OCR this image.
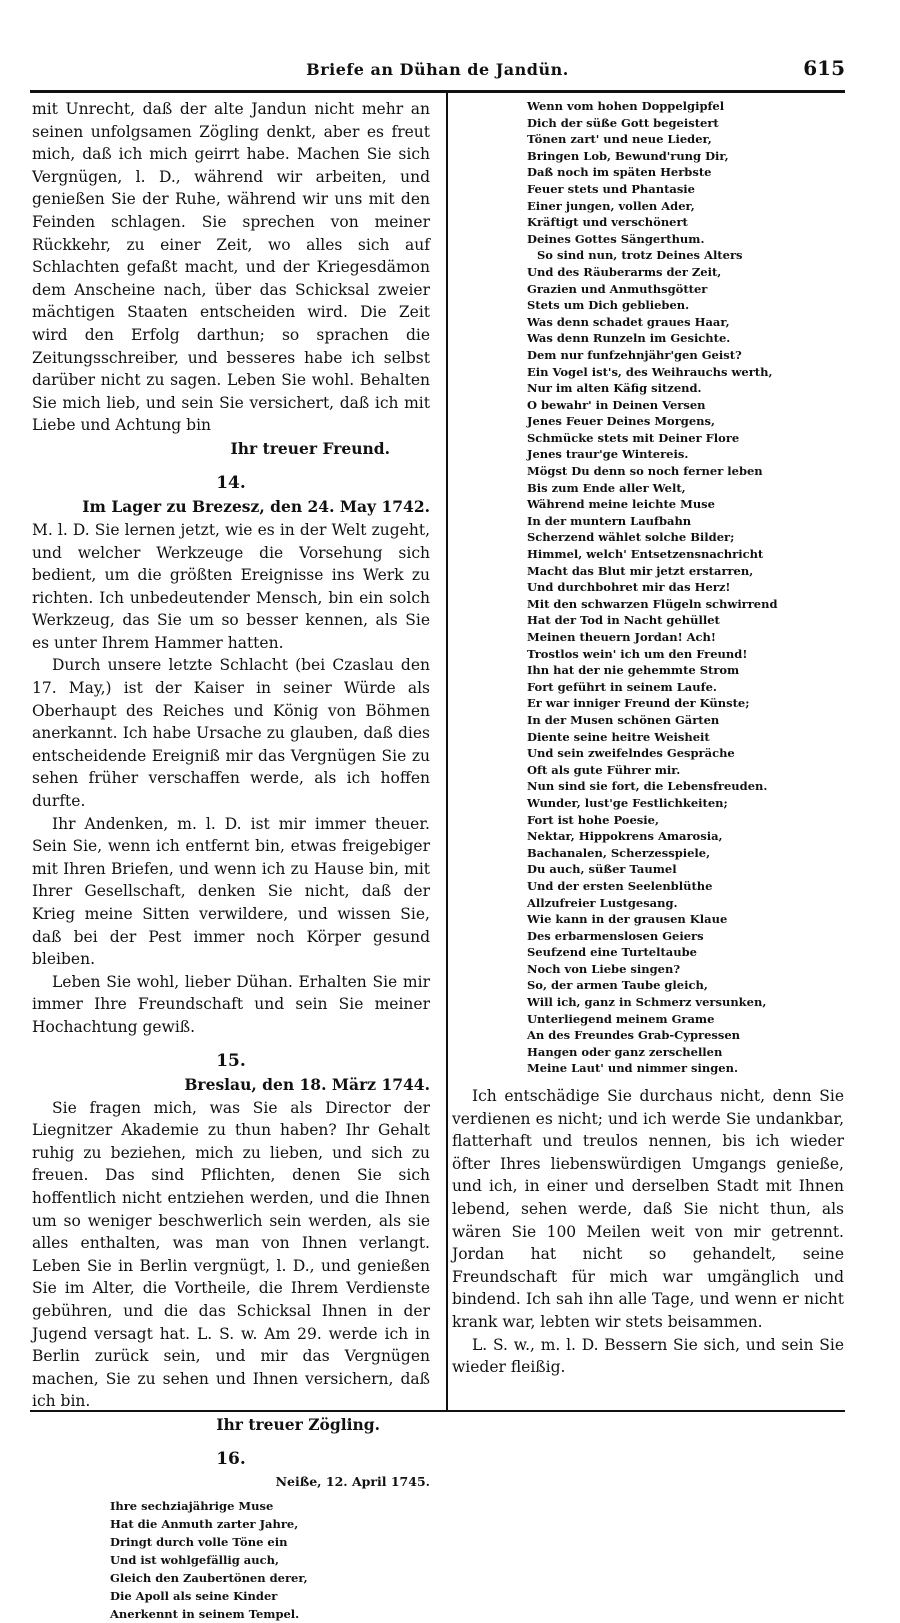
Briefe an Dühan de Jandün.	615

mit Unrecht, daß der alte Jandun nicht mehr an seinen unfolgsamen Zögling denkt, aber es freut mich, daß ich mich geirrt habe. Machen Sie sich Vergnügen, l. D., während wir arbeiten, und genießen Sie der Ruhe, während wir uns mit den Feinden schlagen. Sie sprechen von meiner Rückkehr, zu einer Zeit, wo alles sich auf Schlachten gefaßt macht, und der Kriegesdämon dem Anscheine nach, über das Schicksal zweier mächtigen Staaten entscheiden wird. Die Zeit wird den Erfolg darthun; so sprachen die Zeitungsschreiber, und besseres habe ich selbst darüber nicht zu sagen. Leben Sie wohl. Behalten Sie mich lieb, und sein Sie versichert, daß ich mit Liebe und Achtung bin

Ihr treuer Freund.
14.
Im Lager zu Brezesz, den 24. May 1742.

M. l. D. Sie lernen jetzt, wie es in der Welt zugeht, und welcher Werkzeuge die Vorsehung sich bedient, um die größten Ereignisse ins Werk zu richten. Ich unbedeutender Mensch, bin ein solch Werkzeug, das Sie um so besser kennen, als Sie es unter Ihrem Hammer hatten.

Durch unsere letzte Schlacht (bei Czaslau den 17. May,) ist der Kaiser in seiner Würde als Oberhaupt des Reiches und König von Böhmen anerkannt. Ich habe Ursache zu glauben, daß dies entscheidende Ereigniß mir das Vergnügen Sie zu sehen früher verschaffen werde, als ich hoffen durfte.

Ihr Andenken, m. l. D. ist mir immer theuer. Sein Sie, wenn ich entfernt bin, etwas freigebiger mit Ihren Briefen, und wenn ich zu Hause bin, mit Ihrer Gesellschaft, denken Sie nicht, daß der Krieg meine Sitten verwildere, und wissen Sie, daß bei der Pest immer noch Körper gesund bleiben.

Leben Sie wohl, lieber Dühan. Erhalten Sie mir immer Ihre Freundschaft und sein Sie meiner Hochachtung gewiß.

15.
Breslau, den 18. März 1744.

Sie fragen mich, was Sie als Director der Liegnitzer Akademie zu thun haben? Ihr Gehalt ruhig zu beziehen, mich zu lieben, und sich zu freuen. Das sind Pflichten, denen Sie sich hoffentlich nicht entziehen werden, und die Ihnen um so weniger beschwerlich sein werden, als sie alles enthalten, was man von Ihnen verlangt. Leben Sie in Berlin vergnügt, l. D., und genießen Sie im Alter, die Vortheile, die Ihrem Verdienste gebühren, und die das Schicksal Ihnen in der Jugend versagt hat. L. S. w. Am 29. werde ich in Berlin zurück sein, und mir das Vergnügen machen, Sie zu sehen und Ihnen versichern, daß ich bin.

Ihr treuer Zögling.
16.
Neiße, 12. April 1745.
Ihre sechziajährige Muse
Hat die Anmuth zarter Jahre,
Dringt durch volle Töne ein
Und ist wohlgefällig auch,
Gleich den Zaubertönen derer,
Die Apoll als seine Kinder
Anerkennt in seinem Tempel.
Wenn vom hohen Doppelgipfel
Dich der süße Gott begeistert
Tönen zart' und neue Lieder,
Bringen Lob, Bewund'rung Dir,
Daß noch im späten Herbste
Feuer stets und Phantasie
Einer jungen, vollen Ader,
Kräftigt und verschönert
Deines Gottes Sängerthum.
So sind nun, trotz Deines Alters
Und des Räuberarms der Zeit,
Grazien und Anmuthsgötter
Stets um Dich geblieben.
Was denn schadet graues Haar,
Was denn Runzeln im Gesichte.
Dem nur funfzehnjähr'gen Geist?
Ein Vogel ist's, des Weihrauchs werth,
Nur im alten Käfig sitzend.
O bewahr' in Deinen Versen
Jenes Feuer Deines Morgens,
Schmücke stets mit Deiner Flore
Jenes traur'ge Wintereis.
Mögst Du denn so noch ferner leben
Bis zum Ende aller Welt,
Während meine leichte Muse
In der muntern Laufbahn
Scherzend wählet solche Bilder;
Himmel, welch' Entsetzensnachricht
Macht das Blut mir jetzt erstarren,
Und durchbohret mir das Herz!
Mit den schwarzen Flügeln schwirrend
Hat der Tod in Nacht gehüllet
Meinen theuern Jordan! Ach!
Trostlos wein' ich um den Freund!
Ihn hat der nie gehemmte Strom
Fort geführt in seinem Laufe.
Er war inniger Freund der Künste;
In der Musen schönen Gärten
Diente seine heitre Weisheit
Und sein zweifelndes Gespräche
Oft als gute Führer mir.
Nun sind sie fort, die Lebensfreuden.
Wunder, lust'ge Festlichkeiten;
Fort ist hohe Poesie,
Nektar, Hippokrens Amarosia,
Bachanalen, Scherzesspiele,
Du auch, süßer Taumel
Und der ersten Seelenblüthe
Allzufreier Lustgesang.
Wie kann in der grausen Klaue
Des erbarmenslosen Geiers
Seufzend eine Turteltaube
Noch von Liebe singen?
So, der armen Taube gleich,
Will ich, ganz in Schmerz versunken,
Unterliegend meinem Grame
An des Freundes Grab-Cypressen
Hangen oder ganz zerschellen
Meine Laut' und nimmer singen.

Ich entschädige Sie durchaus nicht, denn Sie verdienen es nicht; und ich werde Sie undankbar, flatterhaft und treulos nennen, bis ich wieder öfter Ihres liebenswürdigen Umgangs genieße, und ich, in einer und derselben Stadt mit Ihnen lebend, sehen werde, daß Sie nicht thun, als wären Sie 100 Meilen weit von mir getrennt. Jordan hat nicht so gehandelt, seine Freundschaft für mich war umgänglich und bindend. Ich sah ihn alle Tage, und wenn er nicht krank war, lebten wir stets beisammen.

L. S. w., m. l. D. Bessern Sie sich, und sein Sie wieder fleißig.
